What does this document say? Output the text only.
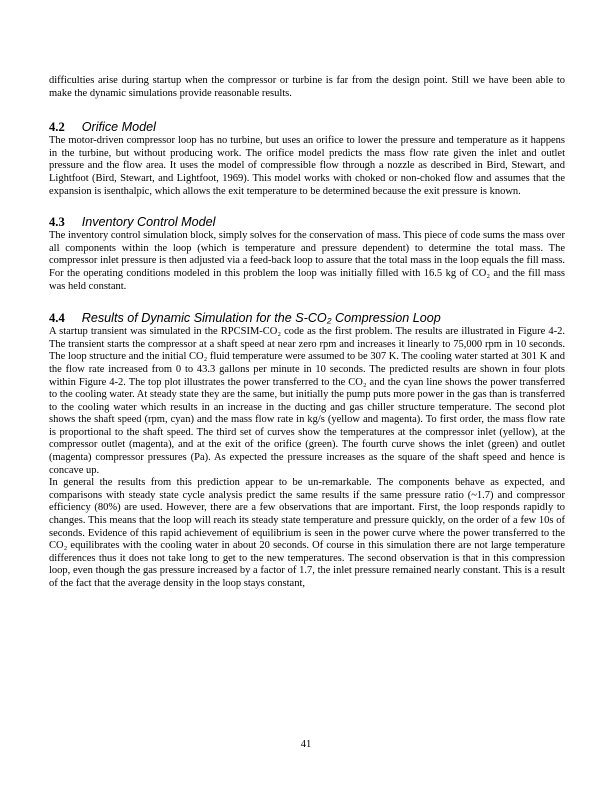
difficulties arise during startup when the compressor or turbine is far from the design point. Still we have been able to make the dynamic simulations provide reasonable results.

4.2 Orifice Model

The motor-driven compressor loop has no turbine, but uses an orifice to lower the pressure and temperature as it happens in the turbine, but without producing work. The orifice model predicts the mass flow rate given the inlet and outlet pressure and the flow area. It uses the model of compressible flow through a nozzle as described in Bird, Stewart, and Lightfoot (Bird, Stewart, and Lightfoot, 1969). This model works with choked or non-choked flow and assumes that the expansion is isenthalpic, which allows the exit temperature to be determined because the exit pressure is known.

4.3 Inventory Control Model

The inventory control simulation block, simply solves for the conservation of mass. This piece of code sums the mass over all components within the loop (which is temperature and pressure dependent) to determine the total mass. The compressor inlet pressure is then adjusted via a feed-back loop to assure that the total mass in the loop equals the fill mass. For the operating conditions modeled in this problem the loop was initially filled with 16.5 kg of CO₂ and the fill mass was held constant.

4.4 Results of Dynamic Simulation for the S-CO₂ Compression Loop

A startup transient was simulated in the RPCSIM-CO₂ code as the first problem. The results are illustrated in Figure 4-2. The transient starts the compressor at a shaft speed at near zero rpm and increases it linearly to 75,000 rpm in 10 seconds. The loop structure and the initial CO₂ fluid temperature were assumed to be 307 K. The cooling water started at 301 K and the flow rate increased from 0 to 43.3 gallons per minute in 10 seconds. The predicted results are shown in four plots within Figure 4-2. The top plot illustrates the power transferred to the CO₂ and the cyan line shows the power transferred to the cooling water. At steady state they are the same, but initially the pump puts more power in the gas than is transferred to the cooling water which results in an increase in the ducting and gas chiller structure temperature. The second plot shows the shaft speed (rpm, cyan) and the mass flow rate in kg/s (yellow and magenta). To first order, the mass flow rate is proportional to the shaft speed. The third set of curves show the temperatures at the compressor inlet (yellow), at the compressor outlet (magenta), and at the exit of the orifice (green). The fourth curve shows the inlet (green) and outlet (magenta) compressor pressures (Pa). As expected the pressure increases as the square of the shaft speed and hence is concave up.

In general the results from this prediction appear to be un-remarkable. The components behave as expected, and comparisons with steady state cycle analysis predict the same results if the same pressure ratio (~1.7) and compressor efficiency (80%) are used. However, there are a few observations that are important. First, the loop responds rapidly to changes. This means that the loop will reach its steady state temperature and pressure quickly, on the order of a few 10s of seconds. Evidence of this rapid achievement of equilibrium is seen in the power curve where the power transferred to the CO₂ equilibrates with the cooling water in about 20 seconds. Of course in this simulation there are not large temperature differences thus it does not take long to get to the new temperatures. The second observation is that in this compression loop, even though the gas pressure increased by a factor of 1.7, the inlet pressure remained nearly constant. This is a result of the fact that the average density in the loop stays constant,

41
